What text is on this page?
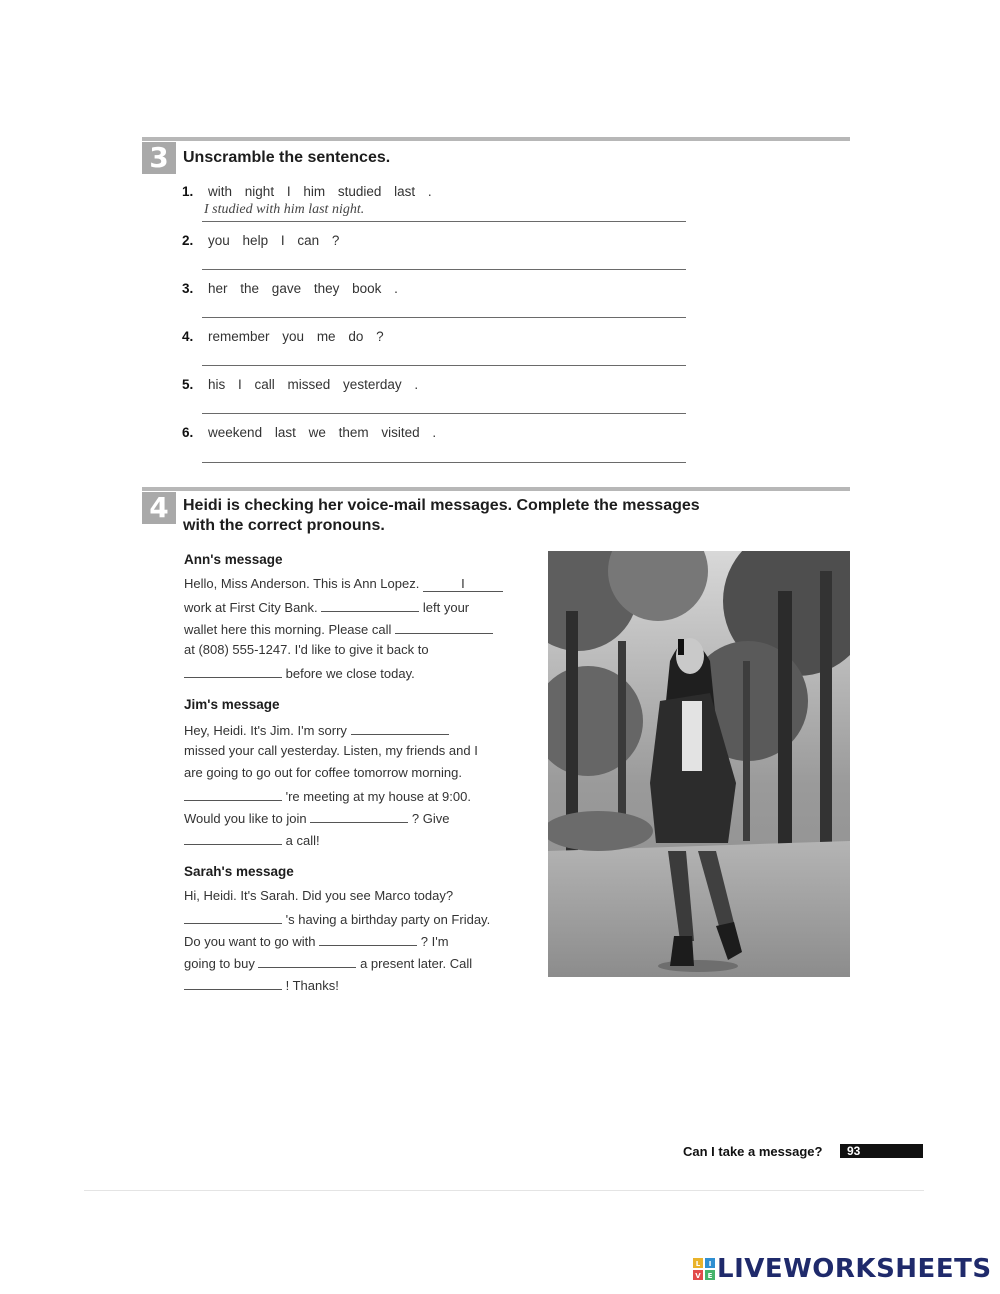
3 Unscramble the sentences.
1. with night I him studied last .
I studied with him last night.
2. you help I can ?
3. her the gave they book .
4. remember you me do ?
5. his I call missed yesterday .
6. weekend last we them visited .
4 Heidi is checking her voice-mail messages. Complete the messages
with the correct pronouns.
Ann's message
Hello, Miss Anderson. This is Ann Lopez.	I
work at First City Bank.	left your
wallet here this morning. Please call
at (808) 555-1247. I'd like to give it back to
before we close today.
Jim's message
Hey, Heidi. It's Jim. I'm sorry
missed your call yesterday. Listen, my friends and I
are going to go out for coffee tomorrow morning.
're meeting at my house at 9:00.
Would you like to join	? Give
a call!
Sarah's message
Hi, Heidi. It's Sarah. Did you see Marco today?
's having a birthday party on Friday.
Do you want to go with	? I'm
going to buy	a present later. Call
! Thanks!
Can I take a message?	93
L I
V E LIVEWORKSHEETS
